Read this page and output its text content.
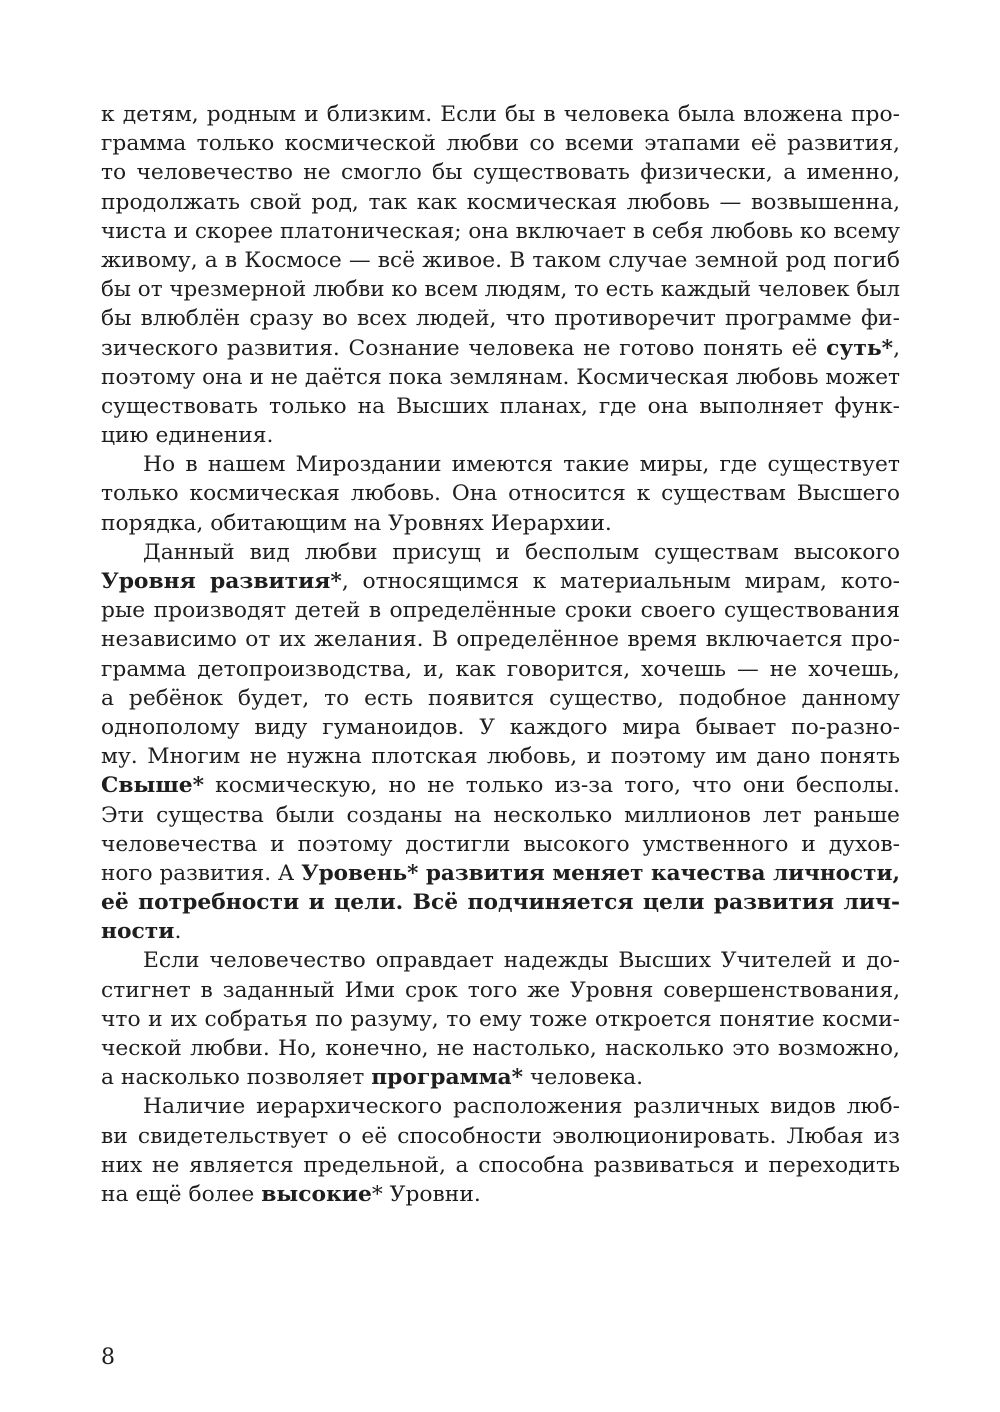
к детям, родным и близким. Если бы в человека была вложена про-
грамма только космической любви со всеми этапами её развития,
то человечество не смогло бы существовать физически, а именно,
продолжать свой род, так как космическая любовь — возвышенна,
чиста и скорее платоническая; она включает в себя любовь ко всему
живому, а в Космосе — всё живое. В таком случае земной род погиб
бы от чрезмерной любви ко всем людям, то есть каждый человек был
бы влюблён сразу во всех людей, что противоречит программе фи-
зического развития. Сознание человека не готово понять её суть*,
поэтому она и не даётся пока землянам. Космическая любовь может
существовать только на Высших планах, где она выполняет функ-
цию единения.
Но в нашем Мироздании имеются такие миры, где существует
только космическая любовь. Она относится к существам Высшего
порядка, обитающим на Уровнях Иерархии.
Данный вид любви присущ и бесполым существам высокого
Уровня развития*, относящимся к материальным мирам, кото-
рые производят детей в определённые сроки своего существования
независимо от их желания. В определённое время включается про-
грамма детопроизводства, и, как говорится, хочешь — не хочешь,
а ребёнок будет, то есть появится существо, подобное данному
однополому виду гуманоидов. У каждого мира бывает по-разно-
му. Многим не нужна плотская любовь, и поэтому им дано понять
Свыше* космическую, но не только из-за того, что они бесполы.
Эти существа были созданы на несколько миллионов лет раньше
человечества и поэтому достигли высокого умственного и духов-
ного развития. А Уровень* развития меняет качества личности,
её потребности и цели. Всё подчиняется цели развития лич-
ности.
Если человечество оправдает надежды Высших Учителей и до-
стигнет в заданный Ими срок того же Уровня совершенствования,
что и их собратья по разуму, то ему тоже откроется понятие косми-
ческой любви. Но, конечно, не настолько, насколько это возможно,
а насколько позволяет программа* человека.
Наличие иерархического расположения различных видов люб-
ви свидетельствует о её способности эволюционировать. Любая из
них не является предельной, а способна развиваться и переходить
на ещё более высокие* Уровни.
8
